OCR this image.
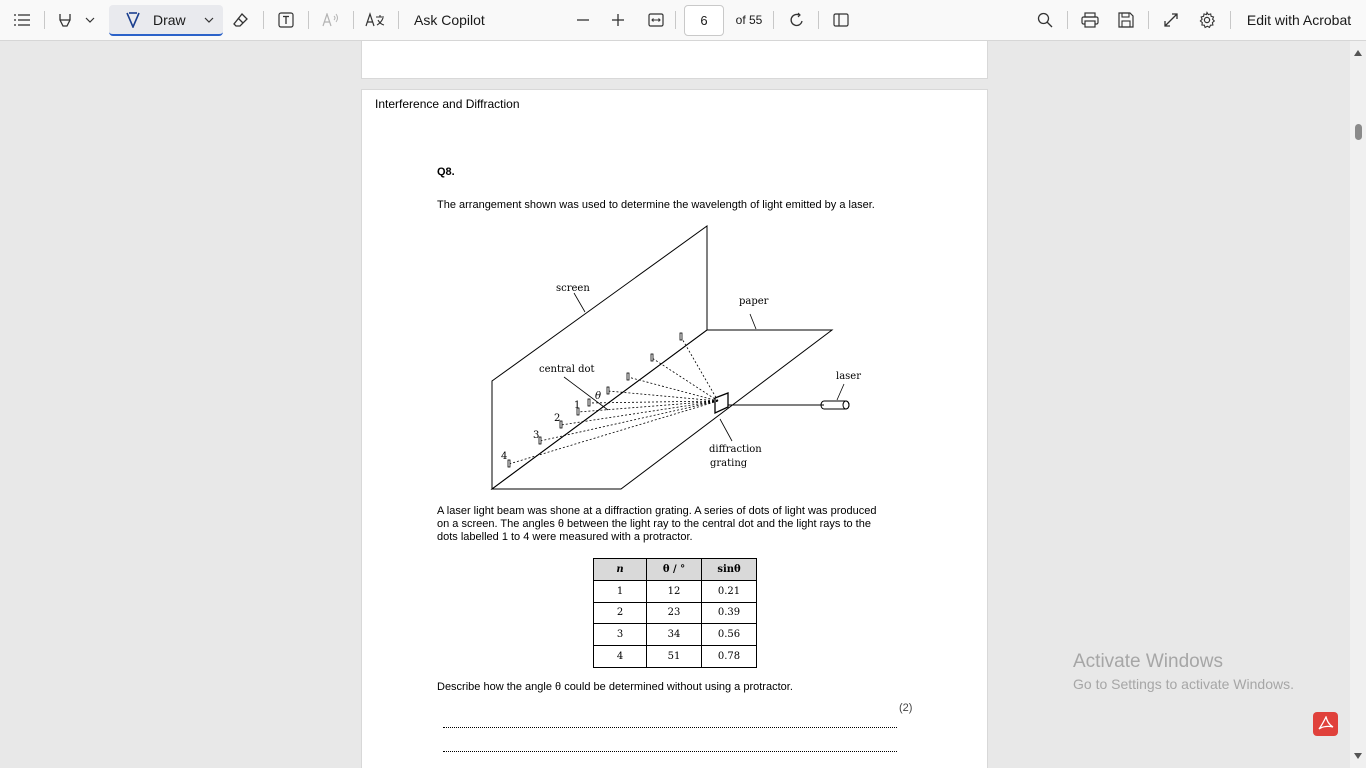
Draw	Ask Copilot	6 of 55	Edit with Acrobat
Interference and Diffraction
Q8.
The arrangement shown was used to determine the wavelength of light emitted by a laser.
screen
paper
central dot
laser
diffraction
grating
θ
1
2
3
4
A laser light beam was shone at a diffraction grating. A series of dots of light was produced
on a screen. The angles θ between the light ray to the central dot and the light rays to the
dots labelled 1 to 4 were measured with a protractor.
n	θ / °	sinθ
1	12	0.21
2	23	0.39
3	34	0.56
4	51	0.78
Describe how the angle θ could be determined without using a protractor.
(2)
Activate Windows
Go to Settings to activate Windows.
